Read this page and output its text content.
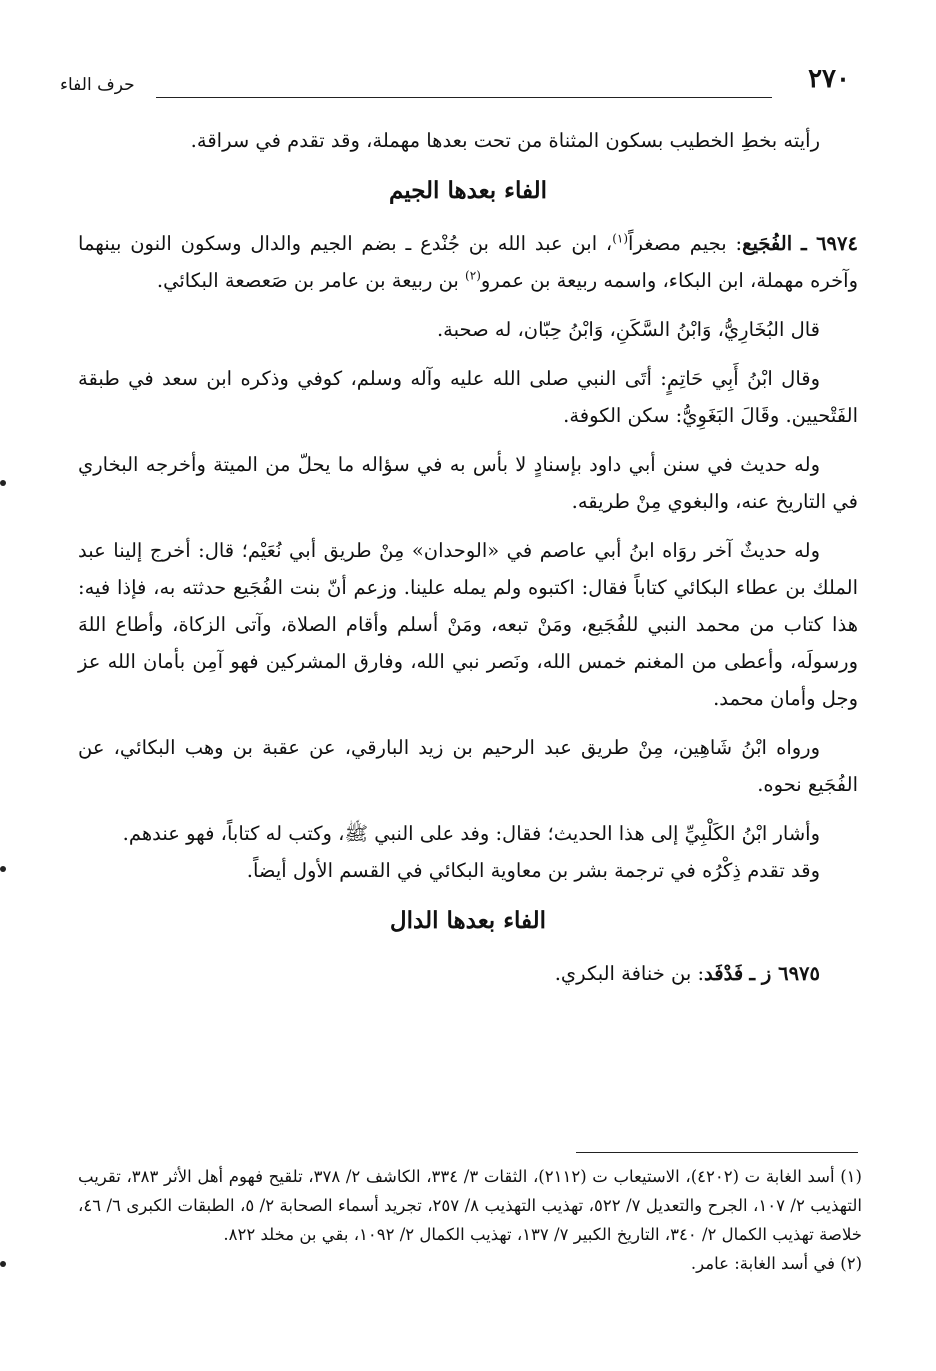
٢٧٠
حرف الفاء

رأيته بخطِ الخطيب بسكون المثناة من تحت بعدها مهملة، وقد تقدم في سراقة.

الفاء بعدها الجيم

٦٩٧٤ ـ الفُجَيع: بجيم مصغراً$^{(١)}$، ابن عبد الله بن جُنْدع ـ بضم الجيم والدال وسكون النون بينهما وآخره مهملة، ابن البكاء، واسمه ربيعة بن عمرو$^{(٢)}$ بن ربيعة بن عامر بن صَعصعة البكائي.

قال البُخَارِيُّ، وَابْنُ السَّكَنِ، وَابْنُ حِبّان، له صحبة.

وقال ابْنُ أَبِي حَاتِمٍ: أتَى النبي صلى الله عليه وآله وسلم، كوفي وذكره ابن سعد في طبقة الفَتْحيين. وقَالَ البَغَوِيُّ: سكن الكوفة.

وله حديث في سنن أبي داود بإسنادٍ لا بأس به في سؤاله ما يحلّ من الميتة وأخرجه البخاري في التاريخ عنه، والبغوي مِنْ طريقه.

وله حديثٌ آخر روَاه ابنُ أبي عاصم في «الوحدان» مِنْ طريق أبي نُعَيْم؛ قال: أخرج إلينا عبد الملك بن عطاء البكائي كتاباً فقال: اكتبوه ولم يمله علينا. وزعم أنّ بنت الفُجَيع حدثته به، فإذا فيه: هذا كتاب من محمد النبي للفُجَيع، ومَنْ تبعه، ومَنْ أسلم وأقام الصلاة، وآتى الزكاة، وأطاع اللهَ ورسولَه، وأعطى من المغنم خمس الله، ونَصر نبي الله، وفارق المشركين فهو آمِن بأمان الله عز وجل وأمان محمد.

ورواه ابْنُ شَاهِين، مِنْ طريق عبد الرحيم بن زيد البارقي، عن عقبة بن وهب البكائي، عن الفُجَيع نحوه.

وأشار ابْنُ الكَلْبِيِّ إلى هذا الحديث؛ فقال: وفد على النبي ﷺ، وكتب له كتاباً، فهو عندهم.

وقد تقدم ذِكْرُه في ترجمة بشر بن معاوية البكائي في القسم الأول أيضاً.

الفاء بعدها الدال

٦٩٧٥ ز ـ فَدْفَد: بن خنافة البكري.

(١) أسد الغابة ت (٤٢٠٢)، الاستيعاب ت (٢١١٢)، الثقات ٣/ ٣٣٤، الكاشف ٢/ ٣٧٨، تلقيح فهوم أهل الأثر ٣٨٣، تقريب التهذيب ٢/ ١٠٧، الجرح والتعديل ٧/ ٥٢٢، تهذيب التهذيب ٨/ ٢٥٧، تجريد أسماء الصحابة ٢/ ٥، الطبقات الكبرى ٦/ ٤٦، خلاصة تهذيب الكمال ٢/ ٣٤٠، التاريخ الكبير ٧/ ١٣٧، تهذيب الكمال ٢/ ١٠٩٢، بقي بن مخلد ٨٢٢.

(٢) في أسد الغابة: عامر.
